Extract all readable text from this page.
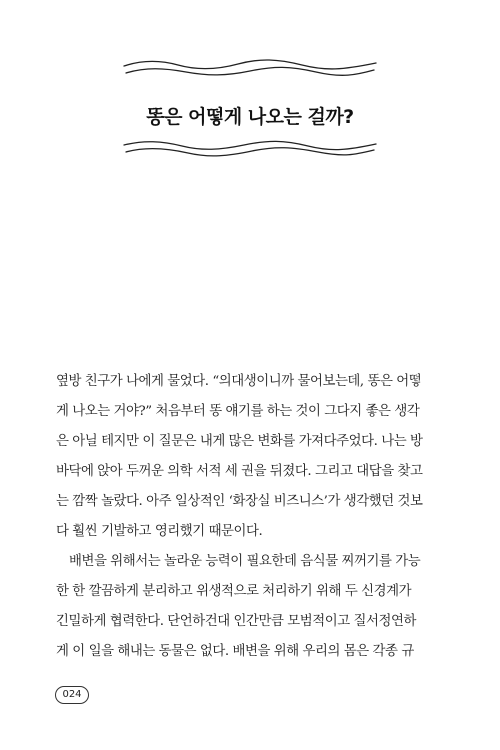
똥은 어떻게 나오는 걸까?
옆방 친구가 나에게 물었다. “의대생이니까 물어보는데, 똥은 어떻
게 나오는 거야?” 처음부터 똥 얘기를 하는 것이 그다지 좋은 생각
은 아닐 테지만 이 질문은 내게 많은 변화를 가져다주었다. 나는 방
바닥에 앉아 두꺼운 의학 서적 세 권을 뒤졌다. 그리고 대답을 찾고
는 깜짝 놀랐다. 아주 일상적인 ‘화장실 비즈니스’가 생각했던 것보
다 훨씬 기발하고 영리했기 때문이다.
배변을 위해서는 놀라운 능력이 필요한데 음식물 찌꺼기를 가능
한 한 깔끔하게 분리하고 위생적으로 처리하기 위해 두 신경계가
긴밀하게 협력한다. 단언하건대 인간만큼 모범적이고 질서정연하
게 이 일을 해내는 동물은 없다. 배변을 위해 우리의 몸은 각종 규
024
